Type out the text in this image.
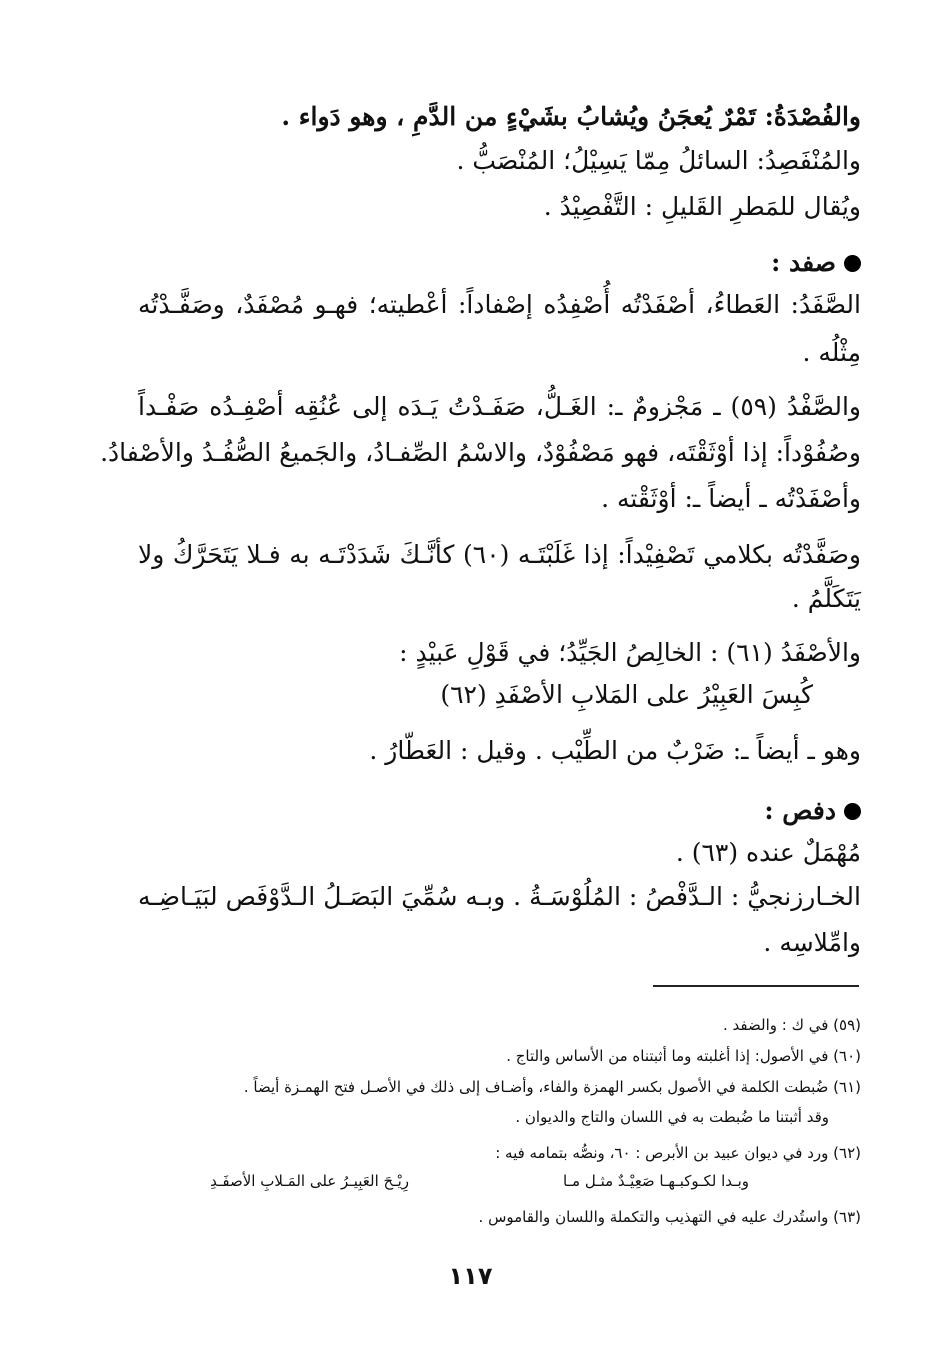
والفُصْدَةُ: تَمْرٌ يُعجَنُ ويُشابُ بشَيْءٍ من الدَّمِ ، وهو دَواء .
والمُنْفَصِدُ: السائلُ مِمّا يَسِيْلُ؛ المُنْصَبُّ .
ويُقال للمَطرِ القَليلِ : التَّفْصِيْدُ .
صفد :
الصَّفَدُ: العَطاءُ، أصْفَدْتُه أُصْفِدُه إصْفاداً: أعْطيته؛ فهـو مُصْفَدٌ، وصَفَّـدْتُه
مِثْلُه .
والصَّفْدُ (٥٩) ـ مَجْزومٌ ـ: الغَـلُّ، صَفَـدْتُ يَـدَه إلى عُنُقِه أصْفِـدُه صَفْـداً
وصُفُوْداً: إذا أوْثَقْتَه، فهو مَصْفُوْدٌ، والاسْمُ الصِّفـادُ، والجَميعُ الصُّفُـدُ والأصْفادُ.
وأصْفَدْتُه ـ أيضاً ـ: أوْثَقْته .
وصَفَّدْتُه بكلامي تَصْفِيْداً: إذا غَلَبْتَـه (٦٠) كأنَّـكَ شَدَدْتَـه به فـلا يَتَحَرَّكُ ولا
يَتَكَلَّمُ .
والأصْفَدُ (٦١) : الخالِصُ الجَيِّدُ؛ في قَوْلِ عَبيْدٍ :
كُبِسَ العَبِيْرُ على المَلابِ الأصْفَدِ (٦٢)
وهو ـ أيضاً ـ: ضَرْبٌ من الطِّيْب . وقيل : العَطّارُ .
دفص :
مُهْمَلٌ عنده (٦٣) .
الخـارزنجيُّ : الـدَّفْصُ : المُلُوْسَـةُ . وبـه سُمِّيَ البَصَـلُ الـدَّوْفَص لبَيَـاضِـه
وامِّلاسِه .
(٥٩) في ك : والضفد .
(٦٠) في الأصول: إذا أغلبته وما أثبتناه من الأساس والتاج .
(٦١) ضُبطت الكلمة في الأصول بكسر الهمزة والفاء، وأضـاف إلى ذلك في الأصـل فتح الهمـزة أيضاً .
وقد أثبتنا ما ضُبطت به في اللسان والتاج والديوان .
(٦٢) ورد في ديوان عبيد بن الأبرص : ٦٠، ونصُّه بتمامه فيه :
وبـدا لكـوكبـهـا صَعِيْـدٌ مثـل مـا
رِيْـحَ العَبِيـرُ على المَـلابِ الأصفَـدِ
(٦٣) واستُدرك عليه في التهذيب والتكملة واللسان والقاموس .
١١٧
